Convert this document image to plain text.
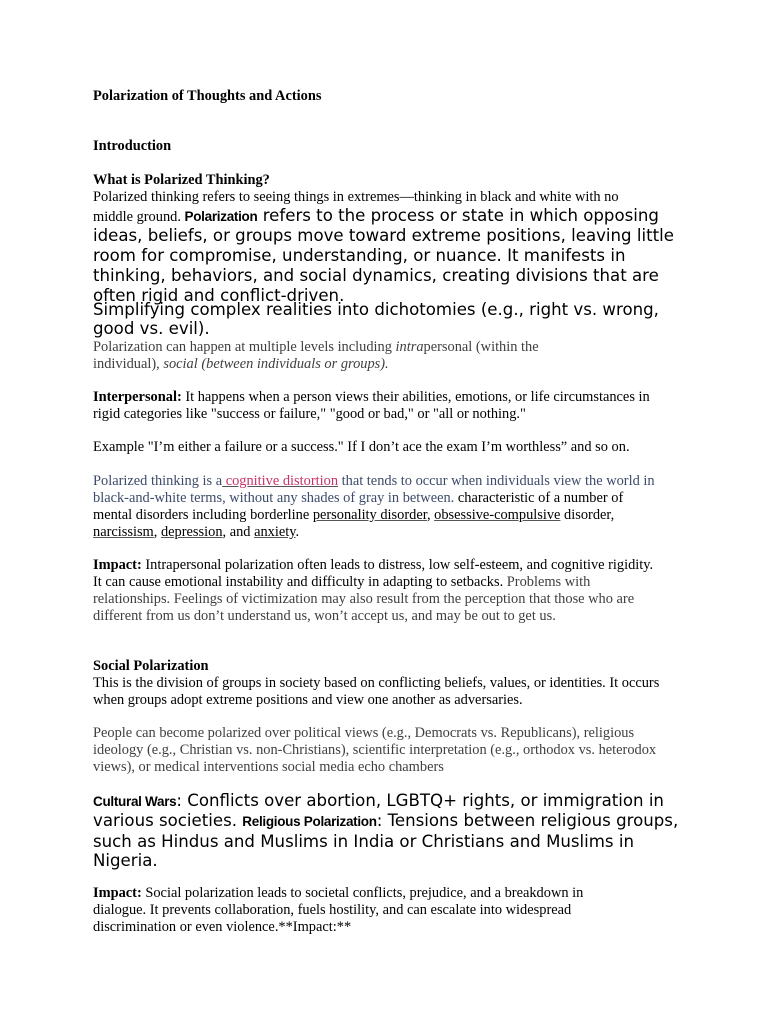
Polarization of Thoughts and Actions
Introduction
What is Polarized Thinking?

Polarized thinking refers to seeing things in extremes—thinking in black and white with no

middle ground. Polarization refers to the process or state in which opposing ideas, beliefs, or groups move toward extreme positions, leaving little room for compromise, understanding, or nuance. It manifests in thinking, behaviors, and social dynamics, creating divisions that are often rigid and conflict-driven.
Simplifying complex realities into dichotomies (e.g., right vs. wrong, good vs. evil).
Polarization can happen at multiple levels including intrapersonal (within the individual), social (between individuals or groups).
Interpersonal: It happens when a person views their abilities, emotions, or life circumstances in rigid categories like "success or failure," "good or bad," or "all or nothing."
Example "I’m either a failure or a success." If I don’t ace the exam I’m worthless” and so on.
Polarized thinking is a cognitive distortion that tends to occur when individuals view the world in black-and-white terms, without any shades of gray in between. characteristic of a number of mental disorders including borderline personality disorder, obsessive-compulsive disorder, narcissism, depression, and anxiety.
Impact: Intrapersonal polarization often leads to distress, low self-esteem, and cognitive rigidity. It can cause emotional instability and difficulty in adapting to setbacks. Problems with relationships. Feelings of victimization may also result from the perception that those who are different from us don’t understand us, won’t accept us, and may be out to get us.

Social Polarization

This is the division of groups in society based on conflicting beliefs, values, or identities. It occurs when groups adopt extreme positions and view one another as adversaries.

People can become polarized over political views (e.g., Democrats vs. Republicans), religious ideology (e.g., Christian vs. non-Christians), scientific interpretation (e.g., orthodox vs. heterodox views), or medical interventions social media echo chambers
Cultural Wars: Conflicts over abortion, LGBTQ+ rights, or immigration in various societies. Religious Polarization: Tensions between religious groups, such as Hindus and Muslims in India or Christians and Muslims in Nigeria.
Impact: Social polarization leads to societal conflicts, prejudice, and a breakdown in dialogue. It prevents collaboration, fuels hostility, and can escalate into widespread discrimination or even violence.**Impact:**
